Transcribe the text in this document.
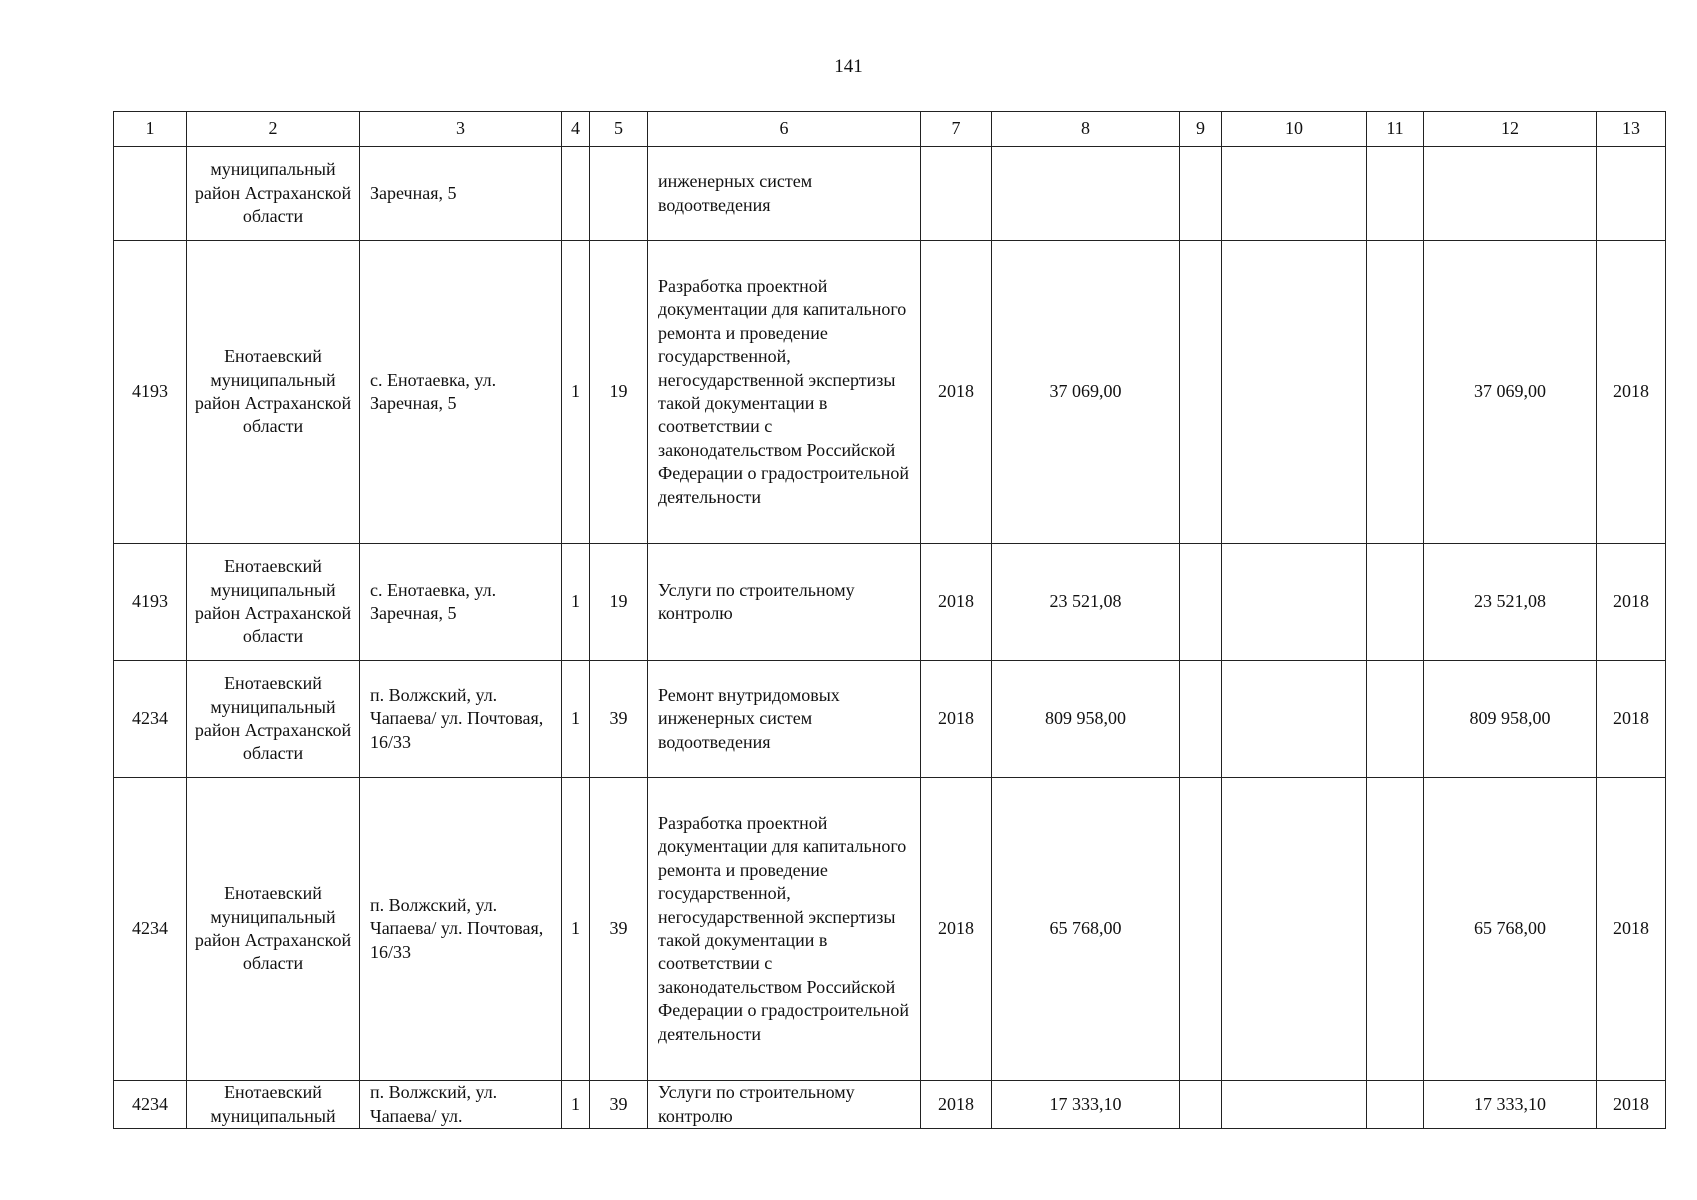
141
1	2	3	4	5	6	7	8	9	10	11	12	13
	муниципальный район Астраханской области	Заречная, 5			инженерных систем водоотведения							
4193	Енотаевский муниципальный район Астраханской области	с. Енотаевка, ул. Заречная, 5	1	19	Разработка проектной документации для капитального ремонта и проведение государственной, негосударственной экспертизы такой документации в соответствии с законодательством Российской Федерации о градостроительной деятельности	2018	37 069,00				37 069,00	2018
4193	Енотаевский муниципальный район Астраханской области	с. Енотаевка, ул. Заречная, 5	1	19	Услуги по строительному контролю	2018	23 521,08				23 521,08	2018
4234	Енотаевский муниципальный район Астраханской области	п. Волжский, ул. Чапаева/ ул. Почтовая, 16/33	1	39	Ремонт внутридомовых инженерных систем водоотведения	2018	809 958,00				809 958,00	2018
4234	Енотаевский муниципальный район Астраханской области	п. Волжский, ул. Чапаева/ ул. Почтовая, 16/33	1	39	Разработка проектной документации для капитального ремонта и проведение государственной, негосударственной экспертизы такой документации в соответствии с законодательством Российской Федерации о градостроительной деятельности	2018	65 768,00				65 768,00	2018
4234	Енотаевский муниципальный	п. Волжский, ул. Чапаева/ ул.	1	39	Услуги по строительному контролю	2018	17 333,10				17 333,10	2018
